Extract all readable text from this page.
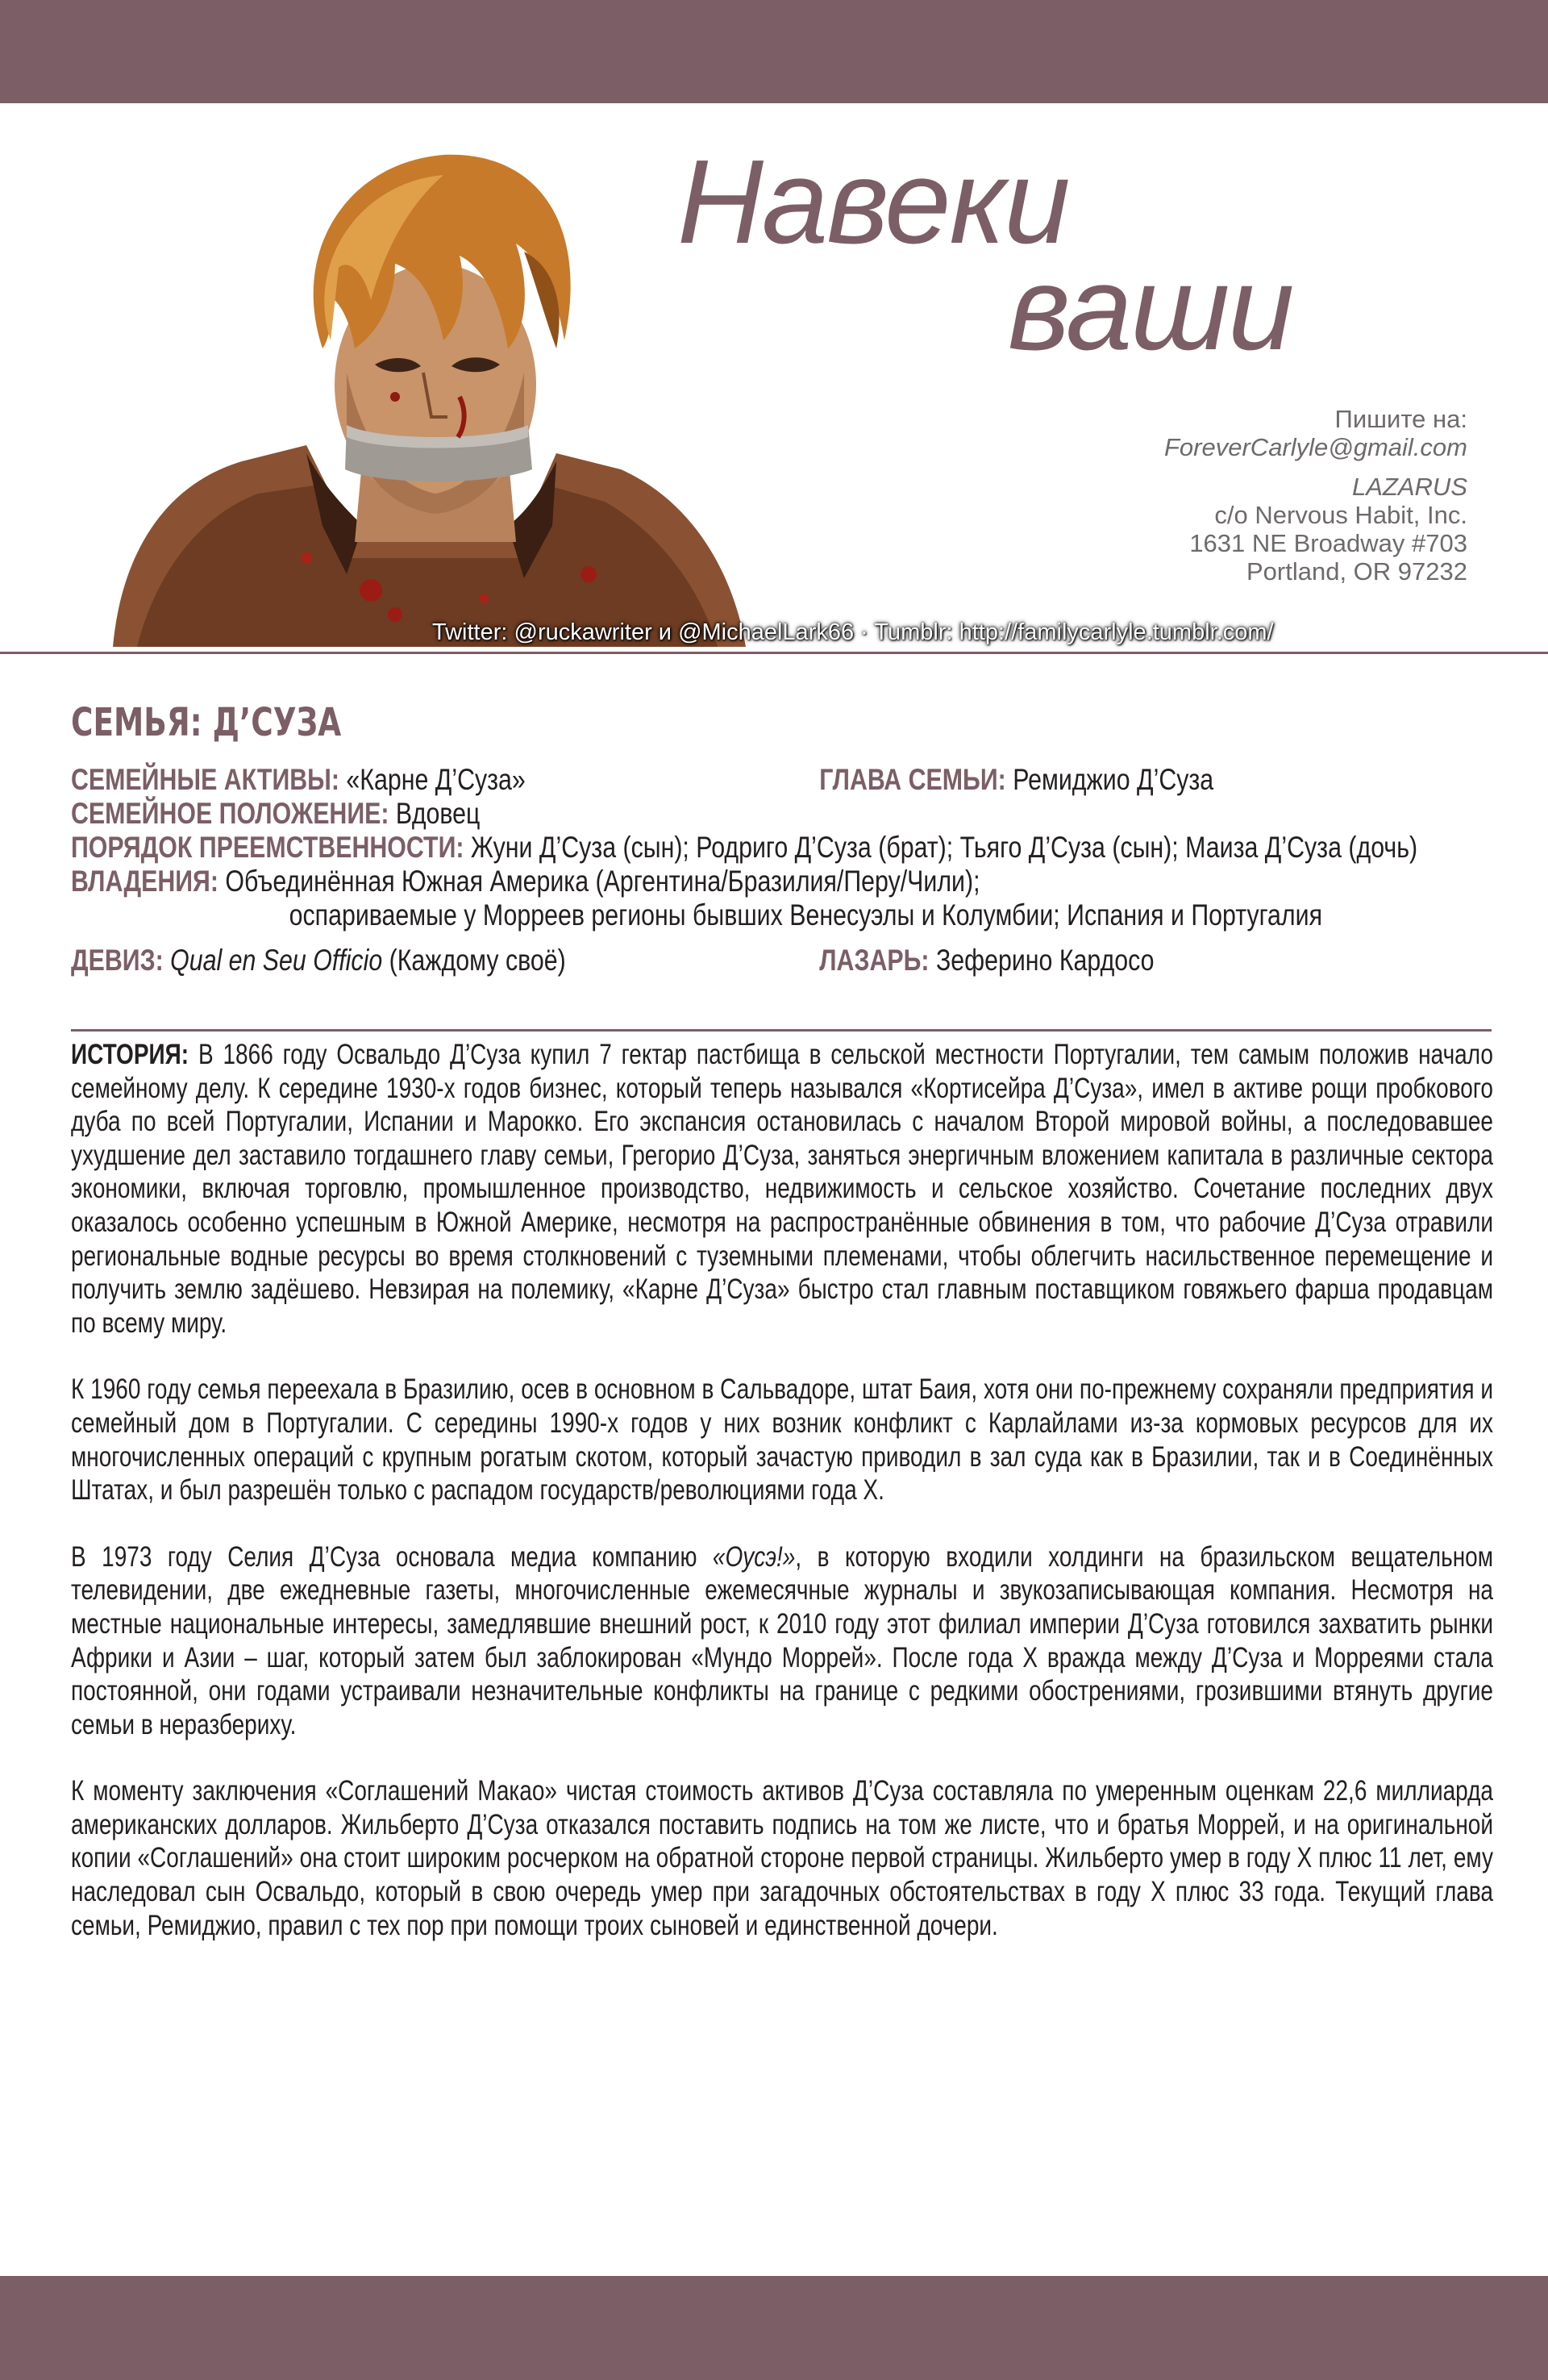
Навеки
ваши
Пишите на:
ForeverCarlyle@gmail.com
LAZARUS
c/o Nervous Habit, Inc.
1631 NE Broadway #703
Portland, OR 97232
Twitter: @ruckawriter и @MichaelLark66 · Tumblr: http://familycarlyle.tumblr.com/
СЕМЬЯ: Д’СУЗА
СЕМЕЙНЫЕ АКТИВЫ: «Карне Д’Суза»	ГЛАВА СЕМЬИ: Ремиджио Д’Суза
СЕМЕЙНОЕ ПОЛОЖЕНИЕ: Вдовец
ПОРЯДОК ПРЕЕМСТВЕННОСТИ: Жуни Д’Суза (сын); Родриго Д’Суза (брат); Тьяго Д’Суза (сын); Маиза Д’Суза (дочь)
ВЛАДЕНИЯ: Объединённая Южная Америка (Аргентина/Бразилия/Перу/Чили);
оспариваемые у Морреев регионы бывших Венесуэлы и Колумбии; Испания и Португалия
ДЕВИЗ: Qual en Seu Officio (Каждому своё)	ЛАЗАРЬ: Зеферино Кардосо

ИСТОРИЯ: В 1866 году Освальдо Д’Суза купил 7 гектар пастбища в сельской местности Португалии, тем самым положив начало семейному делу. К середине 1930-х годов бизнес, который теперь назывался «Кортисейра Д’Суза», имел в активе рощи пробкового дуба по всей Португалии, Испании и Марокко. Его экспансия остановилась с началом Второй мировой войны, а последовавшее ухудшение дел заставило тогдашнего главу семьи, Грегорио Д’Суза, заняться энергичным вложением капитала в различные сектора экономики, включая торговлю, промышленное производство, недвижимость и сельское хозяйство. Сочетание последних двух оказалось особенно успешным в Южной Америке, несмотря на распространённые обвинения в том, что рабочие Д’Суза отравили региональные водные ресурсы во время столкновений с туземными племенами, чтобы облегчить насильственное перемещение и получить землю задёшево. Невзирая на полемику, «Карне Д’Суза» быстро стал главным поставщиком говяжьего фарша продавцам по всему миру.

К 1960 году семья переехала в Бразилию, осев в основном в Сальвадоре, штат Баия, хотя они по-прежнему сохраняли предприятия и семейный дом в Португалии. С середины 1990-х годов у них возник конфликт с Карлайлами из-за кормовых ресурсов для их многочисленных операций с крупным рогатым скотом, который зачастую приводил в зал суда как в Бразилии, так и в Соединённых Штатах, и был разрешён только с распадом государств/революциями года Х.

В 1973 году Селия Д’Суза основала медиа компанию «Оусэ!», в которую входили холдинги на бразильском вещательном телевидении, две ежедневные газеты, многочисленные ежемесячные журналы и звукозаписывающая компания. Несмотря на местные национальные интересы, замедлявшие внешний рост, к 2010 году этот филиал империи Д’Суза готовился захватить рынки Африки и Азии – шаг, который затем был заблокирован «Мундо Моррей». После года Х вражда между Д’Суза и Морреями стала постоянной, они годами устраивали незначительные конфликты на границе с редкими обострениями, грозившими втянуть другие семьи в неразбериху.

К моменту заключения «Соглашений Макао» чистая стоимость активов Д’Суза составляла по умеренным оценкам 22,6 миллиарда американских долларов. Жильберто Д’Суза отказался поставить подпись на том же листе, что и братья Моррей, и на оригинальной копии «Соглашений» она стоит широким росчерком на обратной стороне первой страницы. Жильберто умер в году Х плюс 11 лет, ему наследовал сын Освальдо, который в свою очередь умер при загадочных обстоятельствах в году Х плюс 33 года. Текущий глава семьи, Ремиджио, правил с тех пор при помощи троих сыновей и единственной дочери.
